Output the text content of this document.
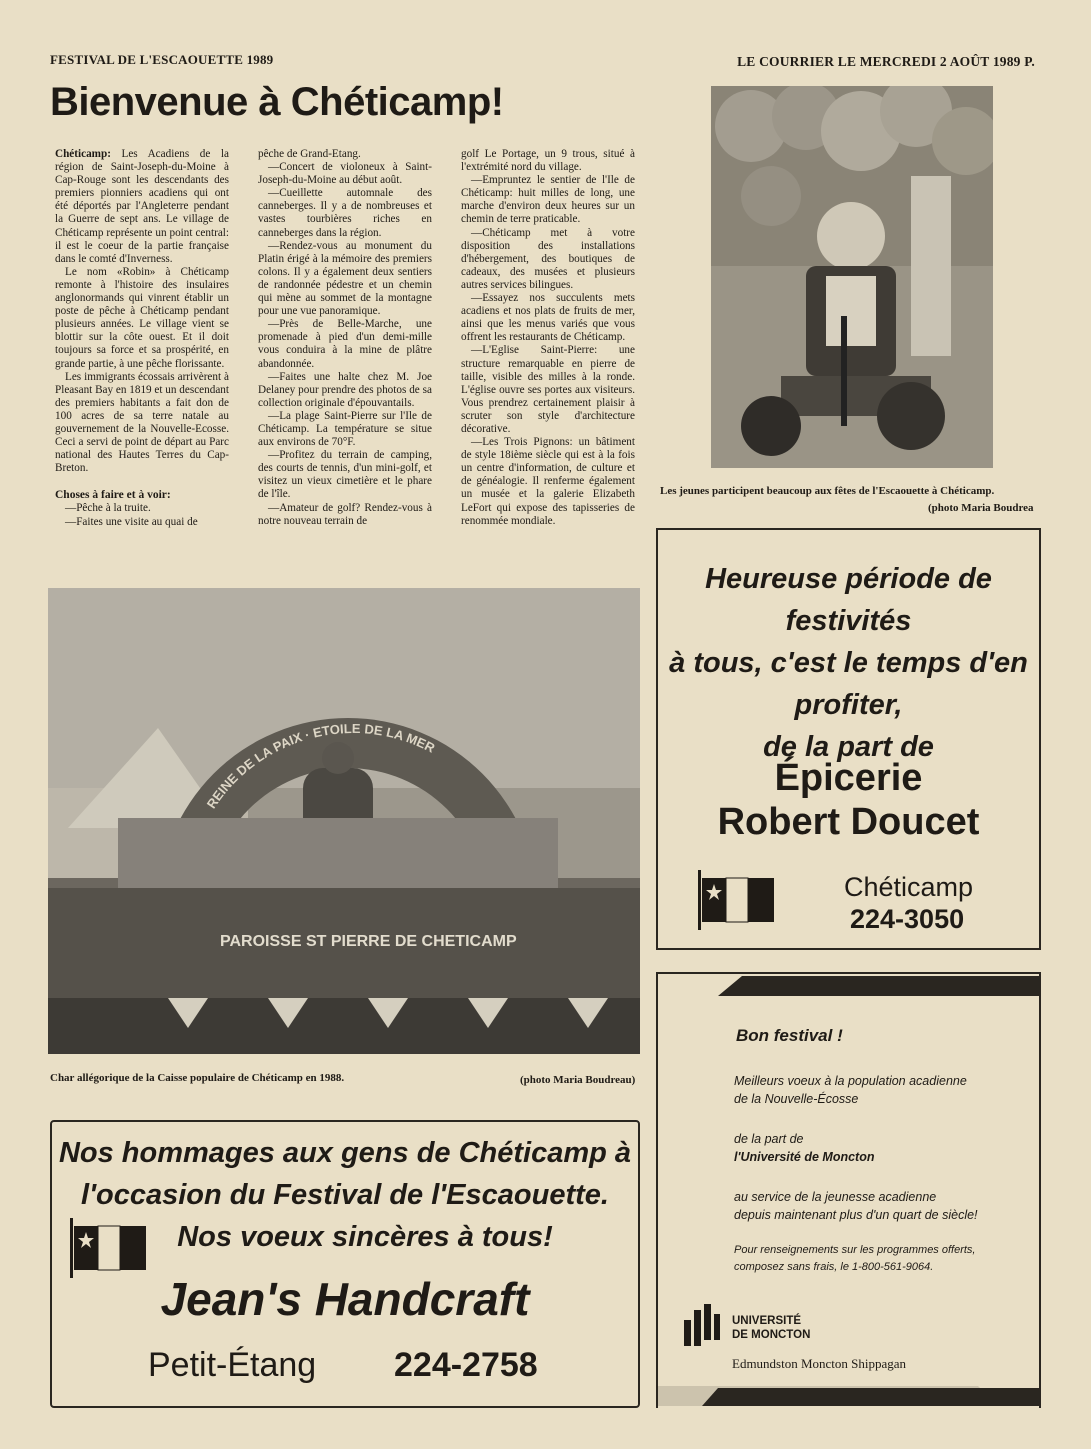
FESTIVAL DE L'ESCAOUETTE 1989	LE COURRIER LE MERCREDI 2 AOÛT 1989 P.
Bienvenue à Chéticamp!

Chéticamp: Les Acadiens de la région de Saint-Joseph-du-Moine à Cap-Rouge sont les descendants des premiers pionniers acadiens qui ont été déportés par l'Angleterre pendant la Guerre de sept ans. Le village de Chéticamp représente un point central: il est le coeur de la partie française dans le comté d'Inverness.

Le nom «Robin» à Chéticamp remonte à l'histoire des insulaires anglonormands qui vinrent établir un poste de pêche à Chéticamp pendant plusieurs années. Le village vient se blottir sur la côte ouest. Et il doit toujours sa force et sa prospérité, en grande partie, à une pêche florissante.

Les immigrants écossais arrivèrent à Pleasant Bay en 1819 et un descendant des premiers habitants a fait don de 100 acres de sa terre natale au gouvernement de la Nouvelle-Ecosse. Ceci a servi de point de départ au Parc national des Hautes Terres du Cap-Breton.

Choses à faire et à voir:

—Pêche à la truite.

—Faites une visite au quai de

pêche de Grand-Etang.

—Concert de violoneux à Saint-Joseph-du-Moine au début août.

—Cueillette automnale des canneberges. Il y a de nombreuses et vastes tourbières riches en canneberges dans la région.

—Rendez-vous au monument du Platin érigé à la mémoire des premiers colons. Il y a également deux sentiers de randonnée pédestre et un chemin qui mène au sommet de la montagne pour une vue panoramique.

—Près de Belle-Marche, une promenade à pied d'un demi-mille vous conduira à la mine de plâtre abandonnée.

—Faites une halte chez M. Joe Delaney pour prendre des photos de sa collection originale d'épouvantails.

—La plage Saint-Pierre sur l'Ile de Chéticamp. La température se situe aux environs de 70°F.

—Profitez du terrain de camping, des courts de tennis, d'un mini-golf, et visitez un vieux cimetière et le phare de l'île.

—Amateur de golf? Rendez-vous à notre nouveau terrain de

golf Le Portage, un 9 trous, situé à l'extrémité nord du village.

—Empruntez le sentier de l'Ile de Chéticamp: huit milles de long, une marche d'environ deux heures sur un chemin de terre praticable.

—Chéticamp met à votre disposition des installations d'hébergement, des boutiques de cadeaux, des musées et plusieurs autres services bilingues.

—Essayez nos succulents mets acadiens et nos plats de fruits de mer, ainsi que les menus variés que vous offrent les restaurants de Chéticamp.

—L'Eglise Saint-Pierre: une structure remarquable en pierre de taille, visible des milles à la ronde. L'église ouvre ses portes aux visiteurs. Vous prendrez certainement plaisir à scruter son style d'architecture décorative.

—Les Trois Pignons: un bâtiment de style 18ième siècle qui est à la fois un centre d'information, de culture et de généalogie. Il renferme également un musée et la galerie Elizabeth LeFort qui expose des tapisseries de renommée mondiale.

Les jeunes participent beaucoup aux fêtes de l'Escaouette à Chéticamp.
(photo Maria Boudrea
REINE DE LA PAIX · ETOILE DE LA MER
PAROISSE ST PIERRE DE CHETICAMP
Char allégorique de la Caisse populaire de Chéticamp en 1988.	(photo Maria Boudreau)
Heureuse période de festivités
à tous, c'est le temps d'en
profiter,
de la part de
Épicerie
Robert Doucet
Chéticamp
224-3050
Bon festival !
Meilleurs voeux à la population acadienne
de la Nouvelle-Écosse
de la part de
l'Université de Moncton
au service de la jeunesse acadienne
depuis maintenant plus d'un quart de siècle!
Pour renseignements sur les programmes offerts,
composez sans frais, le 1-800-561-9064.
UNIVERSITÉ
DE MONCTON
Edmundston Moncton Shippagan
Nos hommages aux gens de Chéticamp à
l'occasion du Festival de l'Escaouette.
Nos voeux sincères à tous!
Jean's Handcraft
Petit-Étang 224-2758
